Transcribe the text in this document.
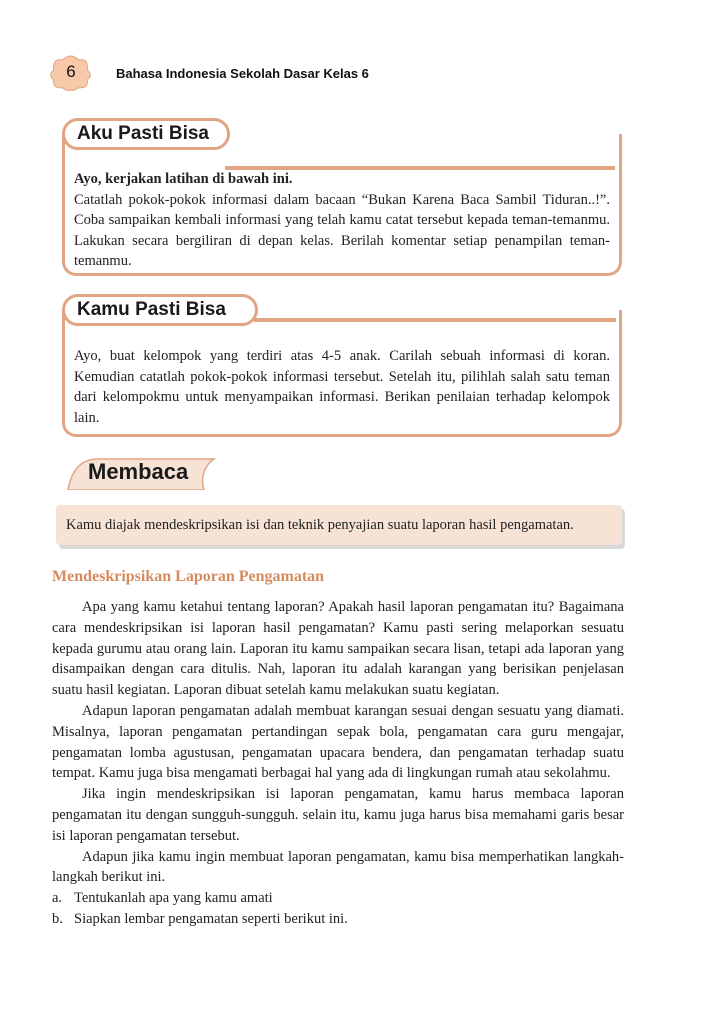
6	Bahasa Indonesia Sekolah Dasar Kelas 6
Aku Pasti Bisa
Ayo, kerjakan latihan di bawah ini.
Catatlah pokok-pokok informasi dalam bacaan “Bukan Karena Baca Sambil Tiduran..!”. Coba sampaikan kembali informasi yang telah kamu catat tersebut kepada teman-temanmu. Lakukan secara bergiliran di depan kelas. Berilah komentar setiap penampilan teman-temanmu.
Kamu Pasti Bisa
Ayo, buat kelompok yang terdiri atas 4-5 anak. Carilah sebuah informasi di koran. Kemudian catatlah pokok-pokok informasi tersebut. Setelah itu, pilihlah salah satu teman dari kelompokmu untuk menyampaikan informasi. Berikan penilaian terhadap kelompok lain.
Membaca
Kamu diajak mendeskripsikan isi dan teknik penyajian suatu laporan hasil pengamatan.
Mendeskripsikan Laporan Pengamatan

Apa yang kamu ketahui tentang laporan? Apakah hasil laporan pengamatan itu? Bagaimana cara mendeskripsikan isi laporan hasil pengamatan? Kamu pasti sering melaporkan sesuatu kepada gurumu atau orang lain. Laporan itu kamu sampaikan secara lisan, tetapi ada laporan yang disampaikan dengan cara ditulis. Nah, laporan itu adalah karangan yang berisikan penjelasan suatu hasil kegiatan. Laporan dibuat setelah kamu melakukan suatu kegiatan.

Adapun laporan pengamatan adalah membuat karangan sesuai dengan sesuatu yang diamati. Misalnya, laporan pengamatan pertandingan sepak bola, pengamatan cara guru mengajar, pengamatan lomba agustusan, pengamatan upacara bendera, dan pengamatan terhadap suatu tempat. Kamu juga bisa mengamati berbagai hal yang ada di lingkungan rumah atau sekolahmu.

Jika ingin mendeskripsikan isi laporan pengamatan, kamu harus membaca laporan pengamatan itu dengan sungguh-sungguh. selain itu, kamu juga harus bisa memahami garis besar isi laporan pengamatan tersebut.

Adapun jika kamu ingin membuat laporan pengamatan, kamu bisa memperhatikan langkah-langkah berikut ini.

a. Tentukanlah apa yang kamu amati

b. Siapkan lembar pengamatan seperti berikut ini.
